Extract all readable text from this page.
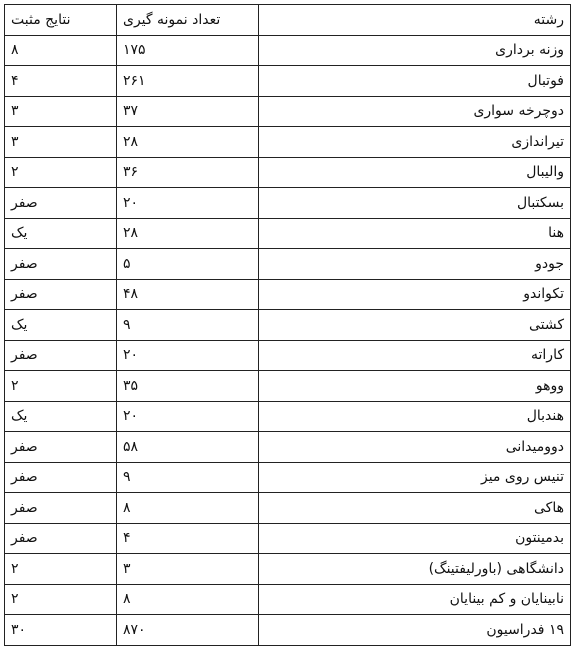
رشته	تعداد نمونه گیری	نتایج مثبت
وزنه برداری	۱۷۵	۸
فوتبال	۲۶۱	۴
دوچرخه سواری	۳۷	۳
تیراندازی	۲۸	۳
والیبال	۳۶	۲
بسکتبال	۲۰	صفر
هنا	۲۸	یک
جودو	۵	صفر
تکواندو	۴۸	صفر
کشتی	۹	یک
کاراته	۲۰	صفر
ووهو	۳۵	۲
هندبال	۲۰	یک
دوومیدانی	۵۸	صفر
تنیس روی میز	۹	صفر
هاکی	۸	صفر
بدمینتون	۴	صفر
دانشگاهی (باورلیفتینگ)	۳	۲
نابینایان و کم بینایان	۸	۲
۱۹ فدراسیون	۸۷۰	۳۰
